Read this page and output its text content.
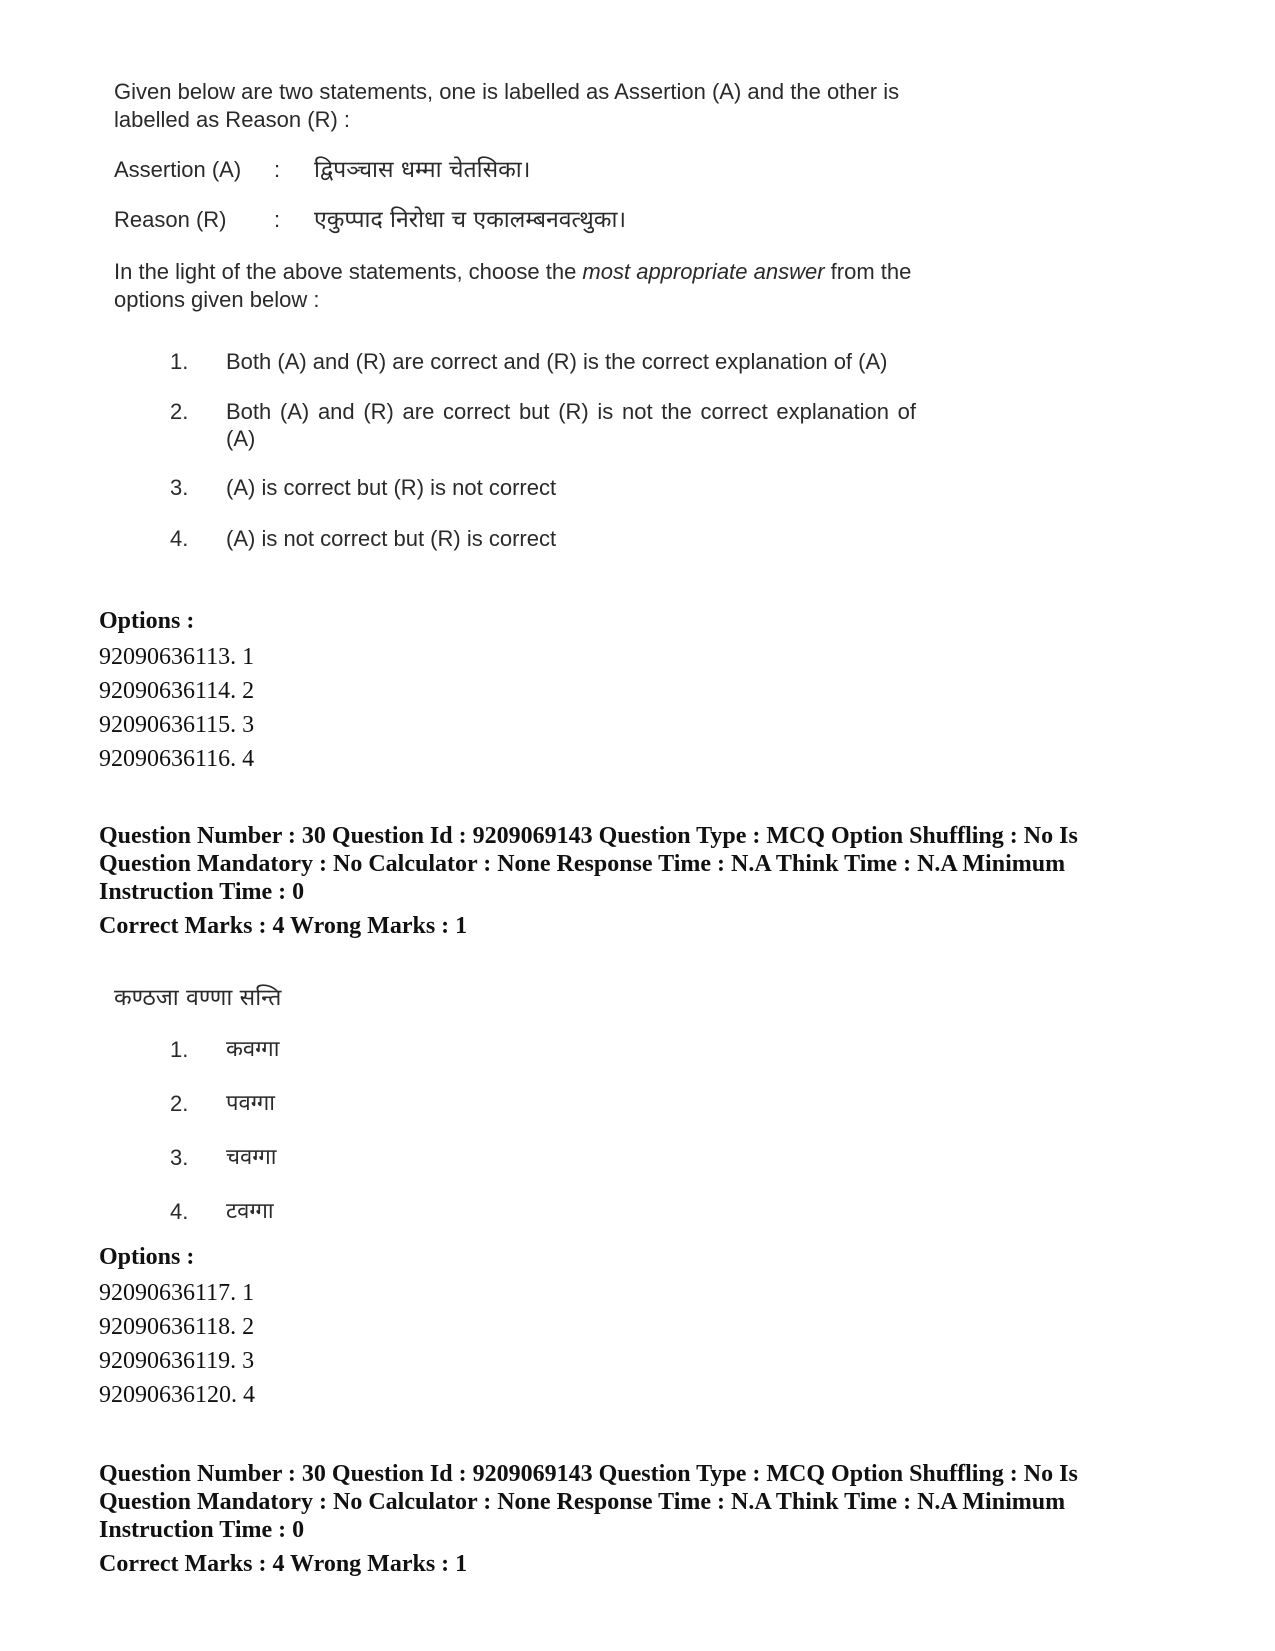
Given below are two statements, one is labelled as Assertion (A) and the other is labelled as Reason (R) :

Assertion (A)	:	द्विपञ्चास धम्मा चेतसिका।
Reason (R)	:	एकुप्पाद निरोधा च एकालम्बनवत्थुका।
In the light of the above statements, choose the most appropriate answer from the options given below :
1.	Both (A) and (R) are correct and (R) is the correct explanation of (A)
2.	Both (A) and (R) are correct but (R) is not the correct explanation of (A)
3.	(A) is correct but (R) is not correct
4.	(A) is not correct but (R) is correct
Options :
92090636113. 1
92090636114. 2
92090636115. 3
92090636116. 4
Question Number : 30 Question Id : 9209069143 Question Type : MCQ Option Shuffling : No Is
Question Mandatory : No Calculator : None Response Time : N.A Think Time : N.A Minimum
Instruction Time : 0
Correct Marks : 4 Wrong Marks : 1
कण्ठजा वण्णा सन्ति
1.	कवग्गा
2.	पवग्गा
3.	चवग्गा
4.	टवग्गा
Options :
92090636117. 1
92090636118. 2
92090636119. 3
92090636120. 4
Question Number : 30 Question Id : 9209069143 Question Type : MCQ Option Shuffling : No Is
Question Mandatory : No Calculator : None Response Time : N.A Think Time : N.A Minimum
Instruction Time : 0
Correct Marks : 4 Wrong Marks : 1
